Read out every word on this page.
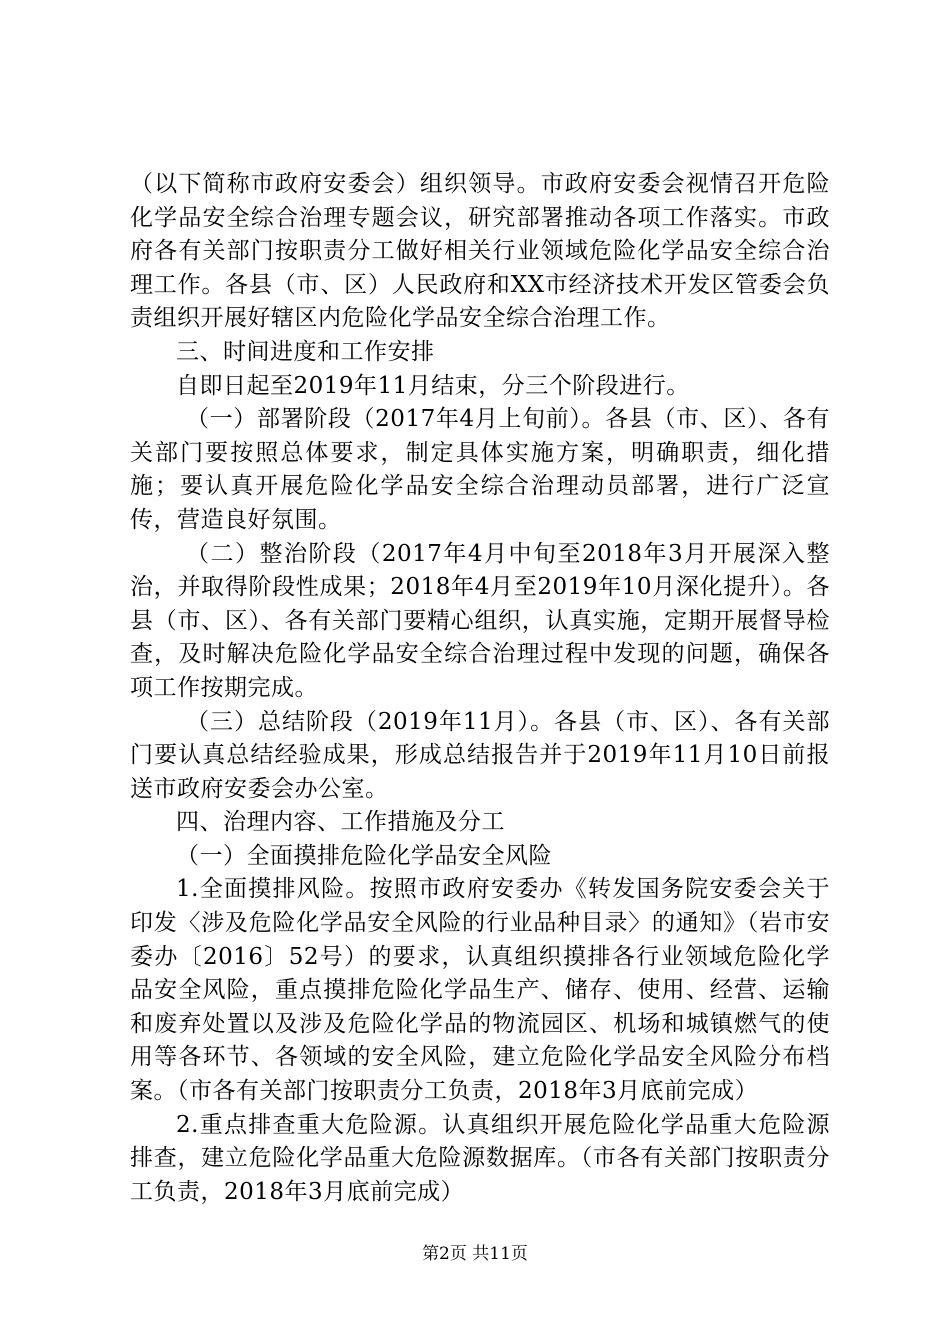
（以下简称市政府安委会）组织领导。市政府安委会视情召开危险化学品安全综合治理专题会议，研究部署推动各项工作落实。市政府各有关部门按职责分工做好相关行业领域危险化学品安全综合治理工作。各县（市、区）人民政府和XX市经济技术开发区管委会负责组织开展好辖区内危险化学品安全综合治理工作。

三、时间进度和工作安排

自即日起至2019年11月结束，分三个阶段进行。

（一）部署阶段（2017年4月上旬前）。各县（市、区）、各有关部门要按照总体要求，制定具体实施方案，明确职责，细化措施；要认真开展危险化学品安全综合治理动员部署，进行广泛宣传，营造良好氛围。

（二）整治阶段（2017年4月中旬至2018年3月开展深入整治，并取得阶段性成果；2018年4月至2019年10月深化提升）。各县（市、区）、各有关部门要精心组织，认真实施，定期开展督导检查，及时解决危险化学品安全综合治理过程中发现的问题，确保各项工作按期完成。

（三）总结阶段（2019年11月）。各县（市、区）、各有关部门要认真总结经验成果，形成总结报告并于2019年11月10日前报送市政府安委会办公室。

四、治理内容、工作措施及分工

（一）全面摸排危险化学品安全风险

1.全面摸排风险。按照市政府安委办《转发国务院安委会关于印发〈涉及危险化学品安全风险的行业品种目录〉的通知》（岩市安委办〔2016〕52号）的要求，认真组织摸排各行业领域危险化学品安全风险，重点摸排危险化学品生产、储存、使用、经营、运输和废弃处置以及涉及危险化学品的物流园区、机场和城镇燃气的使用等各环节、各领域的安全风险，建立危险化学品安全风险分布档案。（市各有关部门按职责分工负责，2018年3月底前完成）

2.重点排查重大危险源。认真组织开展危险化学品重大危险源排查，建立危险化学品重大危险源数据库。（市各有关部门按职责分工负责，2018年3月底前完成）

第2页 共11页
